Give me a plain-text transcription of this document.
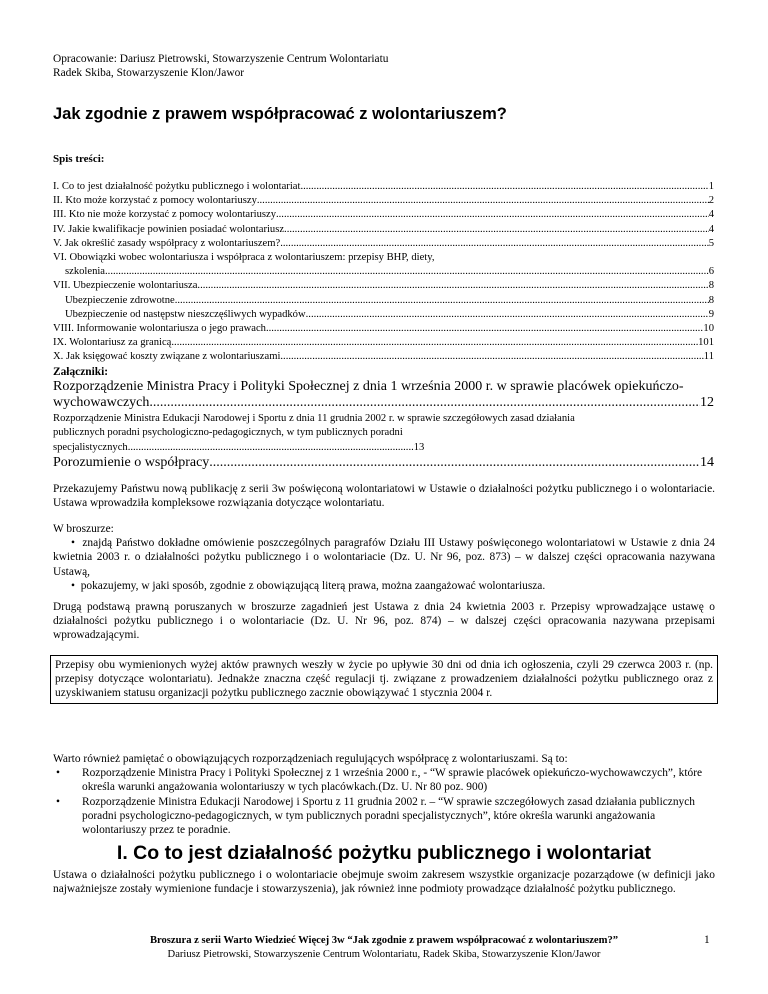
Opracowanie: Dariusz Pietrowski, Stowarzyszenie Centrum Wolontariatu
Radek Skiba, Stowarzyszenie Klon/Jawor
Jak zgodnie z prawem współpracować z wolontariuszem?
Spis treści:
I. Co to jest działalność pożytku publicznego i wolontariat .....	1
II. Kto może korzystać z pomocy wolontariuszy .....	2
III. Kto nie może korzystać z pomocy wolontariuszy .....	4
IV. Jakie kwalifikacje powinien posiadać wolontariusz .....	4
V. Jak określić zasady współpracy z wolontariuszem? .....	5
VI. Obowiązki wobec wolontariusza i współpraca z wolontariuszem: przepisy BHP, diety,
szkolenia .....	6
VII. Ubezpieczenie wolontariusza .....	8
Ubezpieczenie zdrowotne .....	8
Ubezpieczenie od następstw nieszczęśliwych wypadków .....	9
VIII. Informowanie wolontariusza o jego prawach .....	10
IX. Wolontariusz za granicą .....	101
X. Jak księgować koszty związane z wolontariuszami .....	11
Załączniki:
Rozporządzenie Ministra Pracy i Polityki Społecznej z dnia 1 września 2000 r. w sprawie placówek opiekuńczo-
wychowawczych .....	12
Rozporządzenie Ministra Edukacji Narodowej i Sportu z dnia 11 grudnia 2002 r. w sprawie szczegółowych zasad działania
publicznych poradni psychologiczno-pedagogicznych, w tym publicznych poradni
specjalistycznych ............................................................................................................ 13
Porozumienie o współpracy .....	14

Przekazujemy Państwu nową publikację z serii 3w poświęconą wolontariatowi w Ustawie o działalności pożytku publicznego i o wolontariacie. Ustawa wprowadziła kompleksowe rozwiązania dotyczące wolontariatu.

W broszurze:
• znajdą Państwo dokładne omówienie poszczególnych paragrafów Działu III Ustawy poświęconego wolontariatowi w Ustawie z dnia 24 kwietnia 2003 r. o działalności pożytku publicznego i o wolontariacie (Dz. U. Nr 96, poz. 873) – w dalszej części opracowania nazywana Ustawą,
• pokazujemy, w jaki sposób, zgodnie z obowiązującą literą prawa, można zaangażować wolontariusza.

Drugą podstawą prawną poruszanych w broszurze zagadnień jest Ustawa z dnia 24 kwietnia 2003 r. Przepisy wprowadzające ustawę o działalności pożytku publicznego i o wolontariacie (Dz. U. Nr 96, poz. 874) – w dalszej części opracowania nazywana przepisami wprowadzającymi.

Przepisy obu wymienionych wyżej aktów prawnych weszły w życie po upływie 30 dni od dnia ich ogłoszenia, czyli 29 czerwca 2003 r. (np. przepisy dotyczące wolontariatu). Jednakże znaczna część regulacji tj. związane z prowadzeniem działalności pożytku publicznego oraz z uzyskiwaniem statusu organizacji pożytku publicznego zacznie obowiązywać 1 stycznia 2004 r.
Warto również pamiętać o obowiązujących rozporządzeniach regulujących współpracę z wolontariuszami. Są to:
•	Rozporządzenie Ministra Pracy i Polityki Społecznej z 1 września 2000 r., - “W sprawie placówek opiekuńczo-wychowawczych”, które określa warunki angażowania wolontariuszy w tych placówkach.(Dz. U. Nr 80 poz. 900)
•	Rozporządzenie Ministra Edukacji Narodowej i Sportu z 11 grudnia 2002 r. – “W sprawie szczegółowych zasad działania publicznych poradni psychologiczno-pedagogicznych, w tym publicznych poradni specjalistycznych”, które określa warunki angażowania wolontariuszy przez te poradnie.
I. Co to jest działalność pożytku publicznego i wolontariat

Ustawa o działalności pożytku publicznego i o wolontariacie obejmuje swoim zakresem wszystkie organizacje pozarządowe (w definicji jako najważniejsze zostały wymienione fundacje i stowarzyszenia), jak również inne podmioty prowadzące działalność pożytku publicznego.

Broszura z serii Warto Wiedzieć Więcej 3w “Jak zgodnie z prawem współpracować z wolontariuszem?”
Dariusz Pietrowski, Stowarzyszenie Centrum Wolontariatu, Radek Skiba, Stowarzyszenie Klon/Jawor
1
